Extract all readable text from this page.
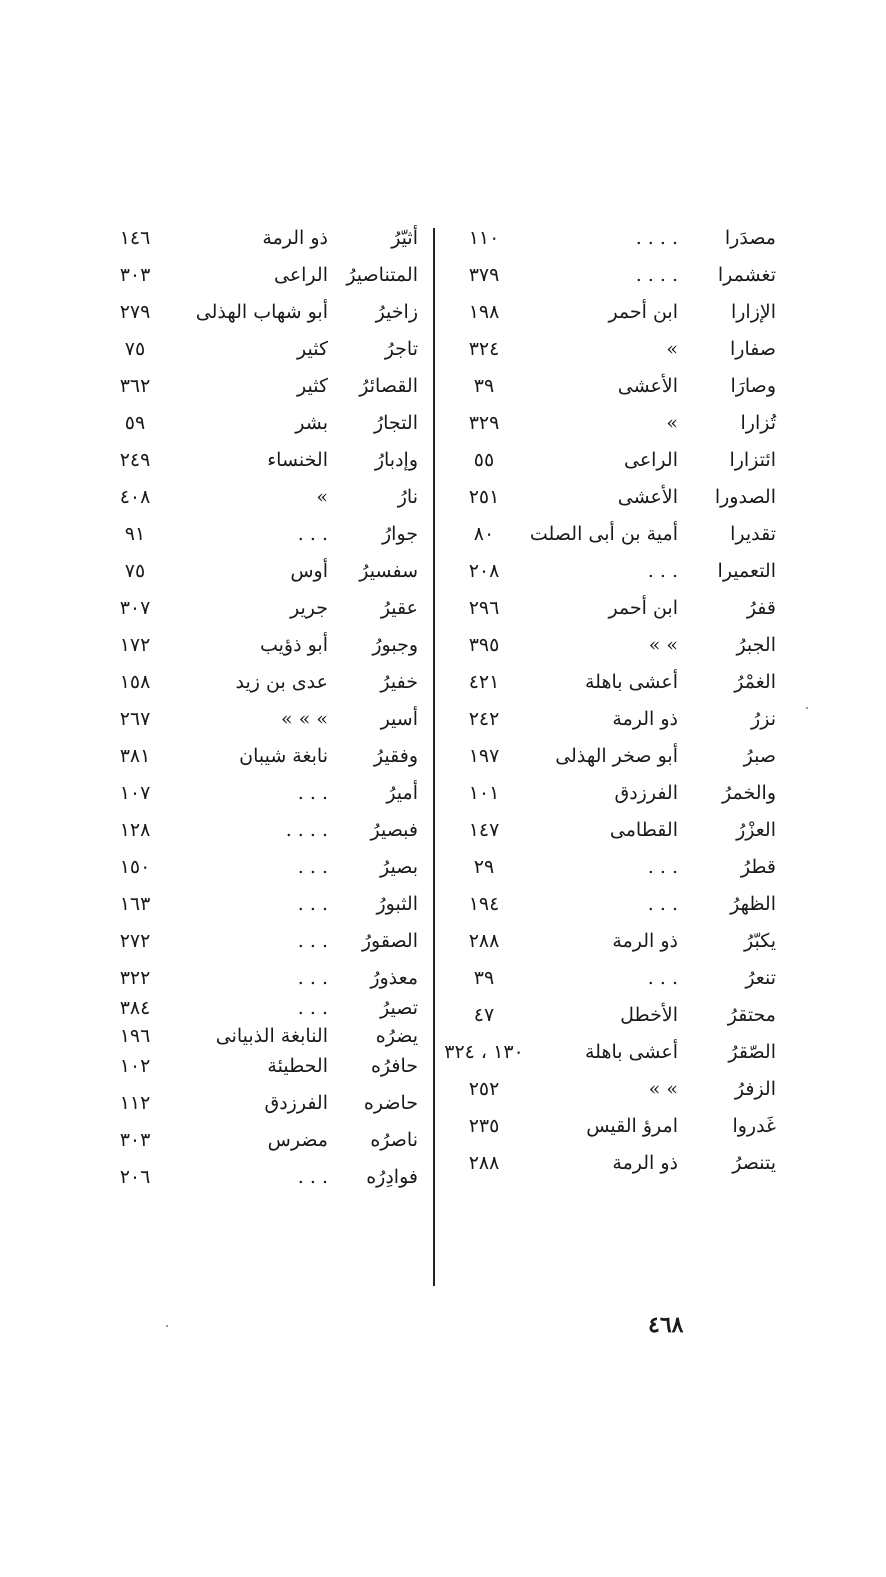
مصدَرا
. . . .
١١٠
تغشمرا
. . . .
٣٧٩
الإزارا
ابن أحمر
١٩٨
صفارا
»
٣٢٤
وصارَا
الأعشى
٣٩
تُزارا
»
٣٢٩
ائتزارا
الراعى
٥٥
الصدورا
الأعشى
٢٥١
تقديرا
أمية بن أبى الصلت
٨٠
التعميرا
. . .
٢٠٨
قفرُ
ابن أحمر
٢٩٦
الجبرُ
» »
٣٩٥
الغمْرُ
أعشى باهلة
٤٢١
نزرُ
ذو الرمة
٢٤٢
صبرُ
أبو صخر الهذلى
١٩٧
والخمرُ
الفرزدق
١٠١
العزْرُ
القطامى
١٤٧
قطرُ
. . .
٢٩
الظهرُ
. . .
١٩٤
يكبّرُ
ذو الرمة
٢٨٨
تنعرُ
. . .
٣٩
محتقرُ
الأخطل
٤٧
الصّقرُ
أعشى باهلة
١٣٠ ، ٣٢٤
الزفرُ
» »
٢٥٢
غَدروا
امرؤ القيس
٢٣٥
يتنصرُ
ذو الرمة
٢٨٨
أثيّرُ
ذو الرمة
١٤٦
المتناصيرُ
الراعى
٣٠٣
زاخيرُ
أبو شهاب الهذلى
٢٧٩
تاجرُ
كثير
٧٥
القصائرُ
كثير
٣٦٢
التجارُ
بشر
٥٩
وإدبارُ
الخنساء
٢٤٩
نارُ
»
٤٠٨
جوارُ
. . .
٩١
سفسيرُ
أوس
٧٥
عقيرُ
جرير
٣٠٧
وجبورُ
أبو ذؤيب
١٧٢
خفيرُ
عدى بن زيد
١٥٨
أسير
» » »
٢٦٧
وفقيرُ
نابغة شيبان
٣٨١
أميرُ
. . .
١٠٧
فبصيرُ
. . . .
١٢٨
بصيرُ
. . .
١٥٠
الثبورُ
. . .
١٦٣
الصقورُ
. . .
٢٧٢
معذورُ
. . .
٣٢٢
تصيرُ
. . .
٣٨٤
يضرُه
النابغة الذبيانى
١٩٦
حافرُه
الحطيئة
١٠٢
حاضره
الفرزدق
١١٢
ناصرُه
مضرس
٣٠٣
فوادِرُه
. . .
٢٠٦
٤٦٨
